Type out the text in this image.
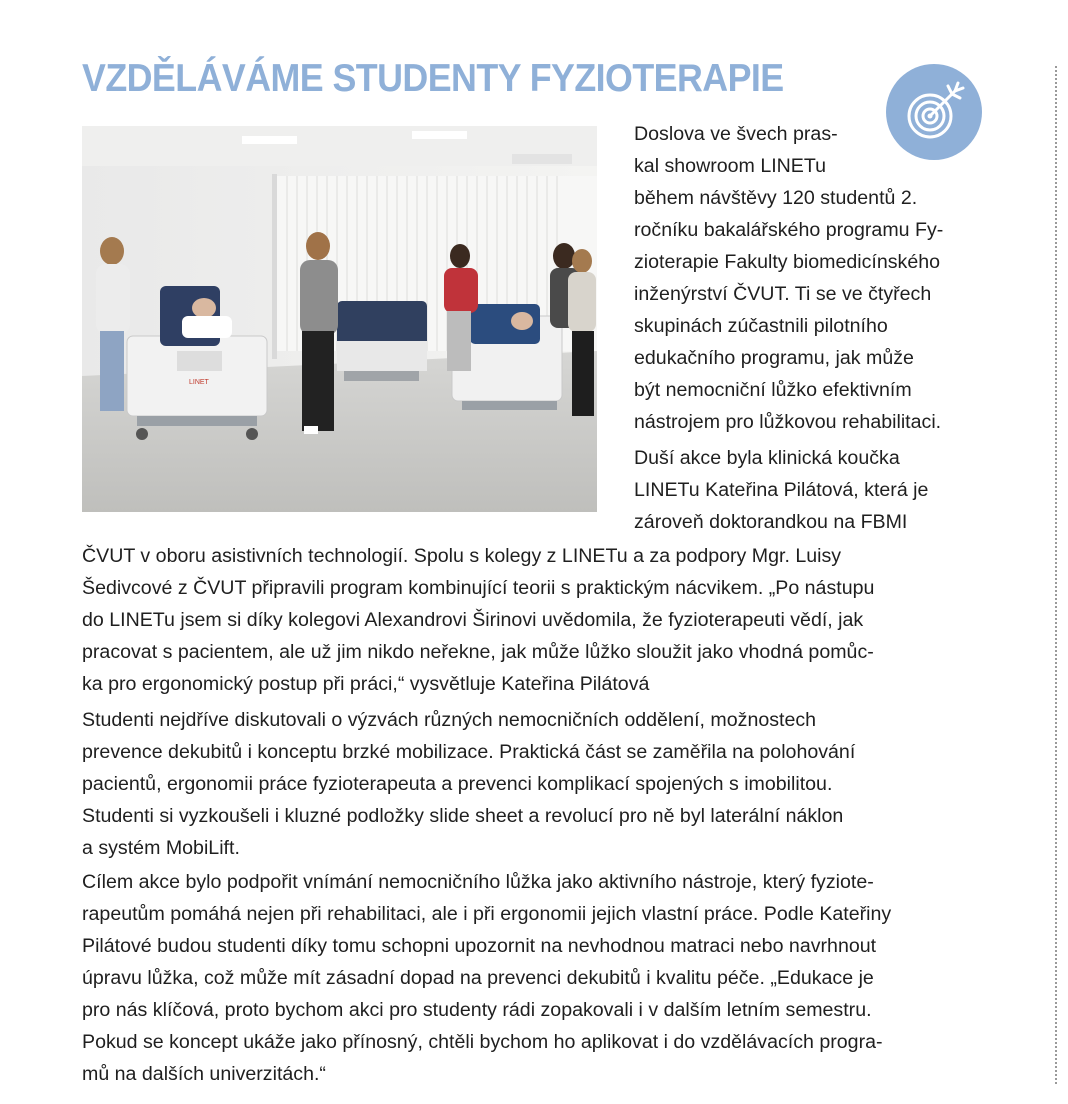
VZDĚLÁVÁME STUDENTY FYZIOTERAPIE
LINET
Doslova ve švech pras-
kal showroom LINETu
během návštěvy 120 studentů 2.
ročníku bakalářského programu Fy-
zioterapie Fakulty biomedicínského
inženýrství ČVUT. Ti se ve čtyřech
skupinách zúčastnili pilotního
edukačního programu, jak může
být nemocniční lůžko efektivním
nástrojem pro lůžkovou rehabilitaci.
Duší akce byla klinická koučka
LINETu Kateřina Pilátová, která je
zároveň doktorandkou na FBMI
ČVUT v oboru asistivních technologií. Spolu s kolegy z LINETu a za podpory Mgr. Luisy
Šedivcové z ČVUT připravili program kombinující teorii s praktickým nácvikem. „Po nástupu
do LINETu jsem si díky kolegovi Alexandrovi Širinovi uvědomila, že fyzioterapeuti vědí, jak
pracovat s pacientem, ale už jim nikdo neřekne, jak může lůžko sloužit jako vhodná pomůc-
ka pro ergonomický postup při práci,“ vysvětluje Kateřina Pilátová
Studenti nejdříve diskutovali o výzvách různých nemocničních oddělení, možnostech
prevence dekubitů i konceptu brzké mobilizace. Praktická část se zaměřila na polohování
pacientů, ergonomii práce fyzioterapeuta a prevenci komplikací spojených s imobilitou.
Studenti si vyzkoušeli i kluzné podložky slide sheet a revolucí pro ně byl laterální náklon
a systém MobiLift.
Cílem akce bylo podpořit vnímání nemocničního lůžka jako aktivního nástroje, který fyziote-
rapeutům pomáhá nejen při rehabilitaci, ale i při ergonomii jejich vlastní práce. Podle Kateřiny
Pilátové budou studenti díky tomu schopni upozornit na nevhodnou matraci nebo navrhnout
úpravu lůžka, což může mít zásadní dopad na prevenci dekubitů i kvalitu péče. „Edukace je
pro nás klíčová, proto bychom akci pro studenty rádi zopakovali i v dalším letním semestru.
Pokud se koncept ukáže jako přínosný, chtěli bychom ho aplikovat i do vzdělávacích progra-
mů na dalších univerzitách.“
